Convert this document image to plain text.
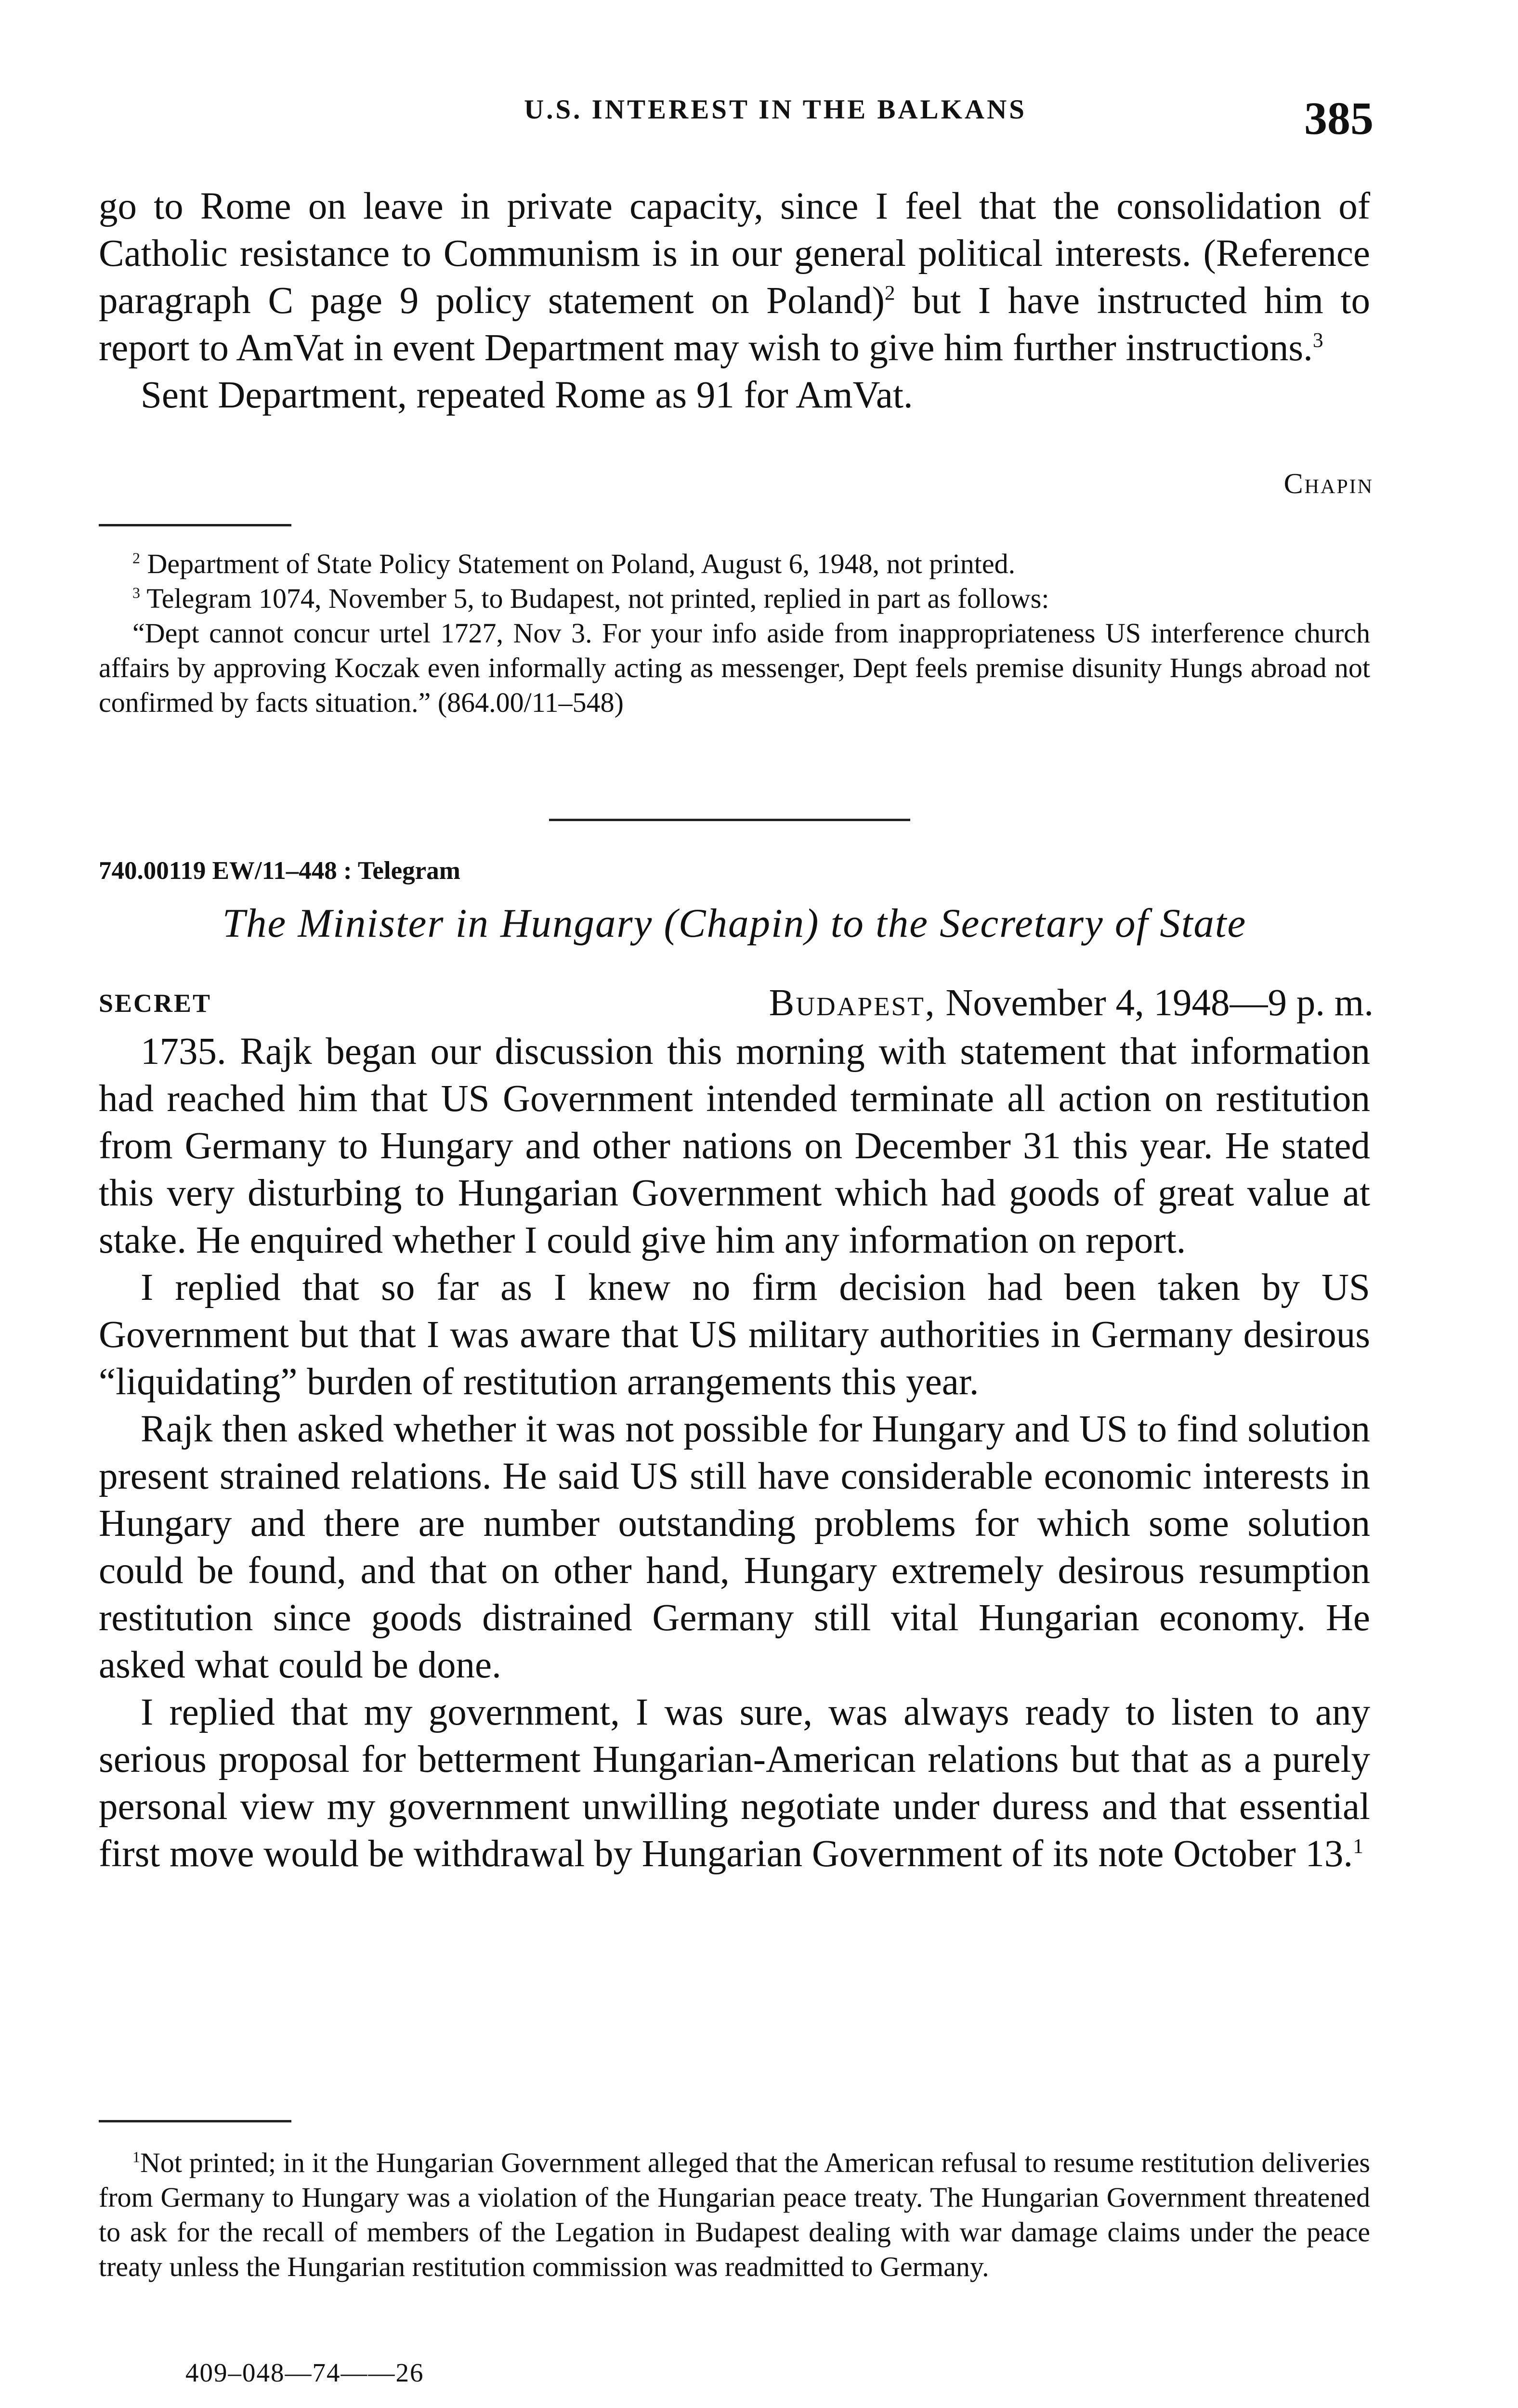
U.S. INTEREST IN THE BALKANS	385

go to Rome on leave in private capacity, since I feel that the consolidation of Catholic resistance to Communism is in our general political interests. (Reference paragraph C page 9 policy statement on Poland)$^2$ but I have instructed him to report to AmVat in event Department may wish to give him further instructions.$^3$

Sent Department, repeated Rome as 91 for AmVat.

Chapin

$^2$ Department of State Policy Statement on Poland, August 6, 1948, not printed.

$^3$ Telegram 1074, November 5, to Budapest, not printed, replied in part as follows:

“Dept cannot concur urtel 1727, Nov 3. For your info aside from inappropriateness US interference church affairs by approving Koczak even informally acting as messenger, Dept feels premise disunity Hungs abroad not confirmed by facts situation.” (864.00/11–548)

740.00119 EW/11–448 : Telegram
The Minister in Hungary (Chapin) to the Secretary of State
SECRET	Budapest, November 4, 1948—9 p. m.

1735. Rajk began our discussion this morning with statement that information had reached him that US Government intended terminate all action on restitution from Germany to Hungary and other nations on December 31 this year. He stated this very disturbing to Hungarian Government which had goods of great value at stake. He enquired whether I could give him any information on report.

I replied that so far as I knew no firm decision had been taken by US Government but that I was aware that US military authorities in Germany desirous “liquidating” burden of restitution arrangements this year.

Rajk then asked whether it was not possible for Hungary and US to find solution present strained relations. He said US still have considerable economic interests in Hungary and there are number outstanding problems for which some solution could be found, and that on other hand, Hungary extremely desirous resumption restitution since goods distrained Germany still vital Hungarian economy. He asked what could be done.

I replied that my government, I was sure, was always ready to listen to any serious proposal for betterment Hungarian-American relations but that as a purely personal view my government unwilling negotiate under duress and that essential first move would be withdrawal by Hungarian Government of its note October 13.$^1$

$^1$Not printed; in it the Hungarian Government alleged that the American refusal to resume restitution deliveries from Germany to Hungary was a violation of the Hungarian peace treaty. The Hungarian Government threatened to ask for the recall of members of the Legation in Budapest dealing with war damage claims under the peace treaty unless the Hungarian restitution commission was readmitted to Germany.

409–048—74——26
